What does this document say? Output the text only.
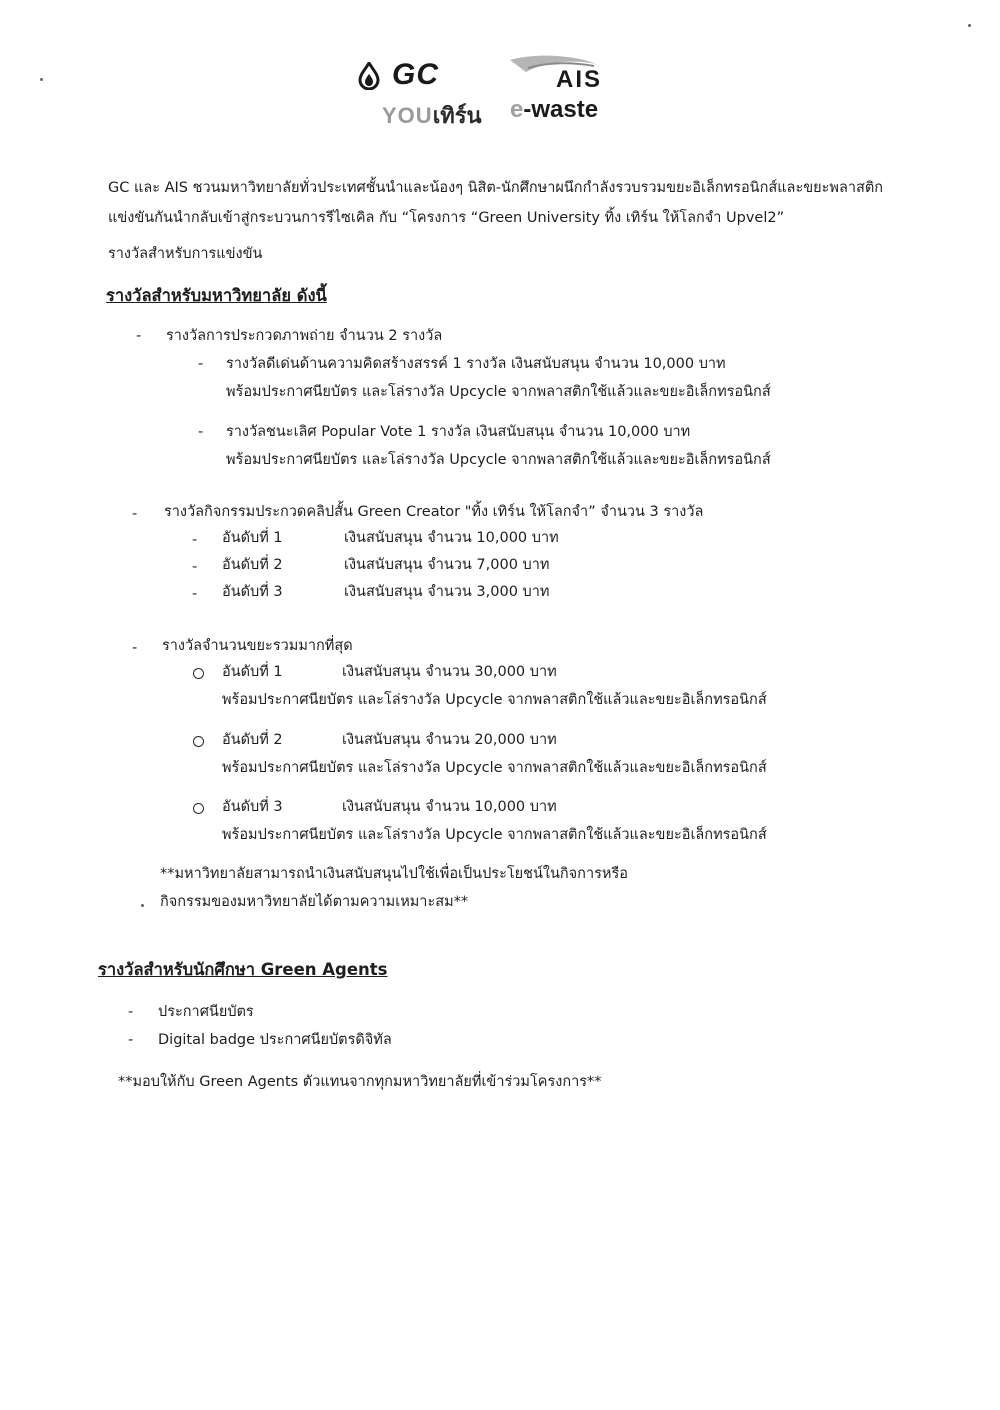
GC
YOUเทิร์น
AIS
e-waste
GC และ AIS ชวนมหาวิทยาลัยทั่วประเทศชั้นนำและน้องๆ นิสิต-นักศึกษาผนึกกำลังรวบรวมขยะอิเล็กทรอนิกส์และขยะพลาสติก
แข่งขันกันนำกลับเข้าสู่กระบวนการรีไซเคิล กับ “โครงการ “Green University ทิ้ง เทิร์น ให้โลกจำ Upvel2”
รางวัลสำหรับการแข่งขัน
รางวัลสำหรับมหาวิทยาลัย ดังนี้
- รางวัลการประกวดภาพถ่าย จำนวน 2 รางวัล
- รางวัลดีเด่นด้านความคิดสร้างสรรค์ 1 รางวัล เงินสนับสนุน จำนวน 10,000 บาท
พร้อมประกาศนียบัตร และโล่รางวัล Upcycle จากพลาสติกใช้แล้วและขยะอิเล็กทรอนิกส์
- รางวัลชนะเลิศ Popular Vote 1 รางวัล เงินสนับสนุน จำนวน 10,000 บาท
พร้อมประกาศนียบัตร และโล่รางวัล Upcycle จากพลาสติกใช้แล้วและขยะอิเล็กทรอนิกส์
- รางวัลกิจกรรมประกวดคลิปสั้น Green Creator "ทิ้ง เทิร์น ให้โลกจำ” จำนวน 3 รางวัล
- อันดับที่ 1	เงินสนับสนุน จำนวน 10,000 บาท
- อันดับที่ 2	เงินสนับสนุน จำนวน 7,000 บาท
- อันดับที่ 3	เงินสนับสนุน จำนวน 3,000 บาท
- รางวัลจำนวนขยะรวมมากที่สุด
อันดับที่ 1	เงินสนับสนุน จำนวน 30,000 บาท
พร้อมประกาศนียบัตร และโล่รางวัล Upcycle จากพลาสติกใช้แล้วและขยะอิเล็กทรอนิกส์
อันดับที่ 2	เงินสนับสนุน จำนวน 20,000 บาท
พร้อมประกาศนียบัตร และโล่รางวัล Upcycle จากพลาสติกใช้แล้วและขยะอิเล็กทรอนิกส์
อันดับที่ 3	เงินสนับสนุน จำนวน 10,000 บาท
พร้อมประกาศนียบัตร และโล่รางวัล Upcycle จากพลาสติกใช้แล้วและขยะอิเล็กทรอนิกส์
**มหาวิทยาลัยสามารถนำเงินสนับสนุนไปใช้เพื่อเป็นประโยชน์ในกิจการหรือ
กิจกรรมของมหาวิทยาลัยได้ตามความเหมาะสม**
รางวัลสำหรับนักศึกษา Green Agents
- ประกาศนียบัตร
- Digital badge ประกาศนียบัตรดิจิทัล
**มอบให้กับ Green Agents ตัวแทนจากทุกมหาวิทยาลัยที่เข้าร่วมโครงการ**
